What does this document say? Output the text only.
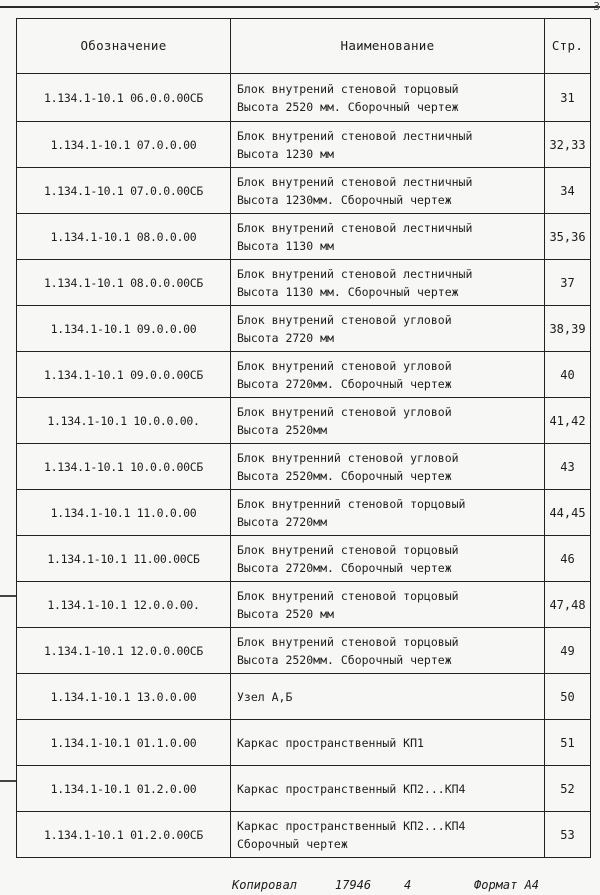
3
Обозначение	Наименование	Стр.
1.134.1-10.1 06.0.0.00СБ	Блок внутрений стеновой торцовый
Высота 2520 мм. Сборочный чертеж	31
1.134.1-10.1 07.0.0.00	Блок внутрений стеновой лестничный
Высота 1230 мм	32,33
1.134.1-10.1 07.0.0.00СБ	Блок внутрений стеновой лестничный
Высота 1230мм. Сборочный чертеж	34
1.134.1-10.1 08.0.0.00	Блок внутрений стеновой лестничный
Высота 1130 мм	35,36
1.134.1-10.1 08.0.0.00СБ	Блок внутрений стеновой лестничный
Высота 1130 мм. Сборочный чертеж	37
1.134.1-10.1 09.0.0.00	Блок внутрений стеновой угловой
Высота 2720 мм	38,39
1.134.1-10.1 09.0.0.00СБ	Блок внутрений стеновой угловой
Высота 2720мм. Сборочный чертеж	40
1.134.1-10.1 10.0.0.00.	Блок внутрений стеновой угловой
Высота 2520мм	41,42
1.134.1-10.1 10.0.0.00СБ	Блок внутренний стеновой угловой
Высота 2520мм. Сборочный чертеж	43
1.134.1-10.1 11.0.0.00	Блок внутренний стеновой торцовый
Высота 2720мм	44,45
1.134.1-10.1 11.00.00СБ	Блок внутрений стеновой торцовый
Высота 2720мм. Сборочный чертеж	46
1.134.1-10.1 12.0.0.00.	Блок внутрений стеновой торцовый
Высота 2520 мм	47,48
1.134.1-10.1 12.0.0.00СБ	Блок внутрений стеновой торцовый
Высота 2520мм. Сборочный чертеж	49
1.134.1-10.1 13.0.0.00	Узел А,Б	50
1.134.1-10.1 01.1.0.00	Каркас пространственный КП1	51
1.134.1-10.1 01.2.0.00	Каркас пространственный КП2...КП4	52
1.134.1-10.1 01.2.0.00СБ	Каркас пространственный КП2...КП4
Сборочный чертеж	53
Копировал	17946	4	Формат А4
